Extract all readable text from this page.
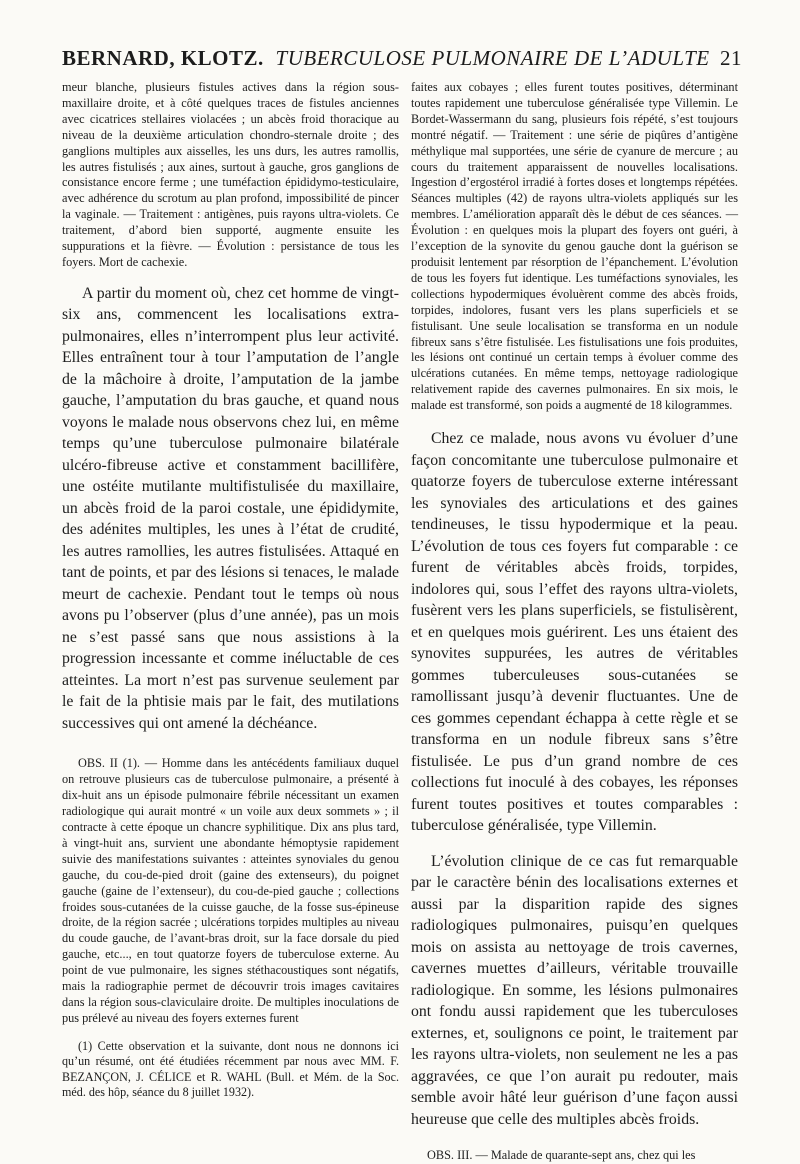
BERNARD, KLOTZ. TUBERCULOSE PULMONAIRE DE L’ADULTE 21

meur blanche, plusieurs fistules actives dans la région sous-maxillaire droite, et à côté quelques traces de fistules anciennes avec cicatrices stellaires violacées ; un abcès froid thoracique au niveau de la deuxième articulation chondro-sternale droite ; des ganglions multiples aux aisselles, les uns durs, les autres ramollis, les autres fistulisés ; aux aines, surtout à gauche, gros ganglions de consistance encore ferme ; une tuméfaction épididymo-testiculaire, avec adhérence du scrotum au plan profond, impossibilité de pincer la vaginale. — Traitement : antigènes, puis rayons ultra-violets. Ce traitement, d’abord bien supporté, augmente ensuite les suppurations et la fièvre. — Évolution : persistance de tous les foyers. Mort de cachexie.

A partir du moment où, chez cet homme de vingt-six ans, commencent les localisations extra-pulmonaires, elles n’interrompent plus leur activité. Elles entraînent tour à tour l’amputation de l’angle de la mâchoire à droite, l’amputation de la jambe gauche, l’amputation du bras gauche, et quand nous voyons le malade nous observons chez lui, en même temps qu’une tuberculose pulmonaire bilatérale ulcéro-fibreuse active et constamment bacillifère, une ostéite mutilante multifistulisée du maxillaire, un abcès froid de la paroi costale, une épididymite, des adénites multiples, les unes à l’état de crudité, les autres ramollies, les autres fistulisées. Attaqué en tant de points, et par des lésions si tenaces, le malade meurt de cachexie. Pendant tout le temps où nous avons pu l’observer (plus d’une année), pas un mois ne s’est passé sans que nous assistions à la progression incessante et comme inéluctable de ces atteintes. La mort n’est pas survenue seulement par le fait de la phtisie mais par le fait, des mutilations successives qui ont amené la déchéance.

OBS. II (1). — Homme dans les antécédents familiaux duquel on retrouve plusieurs cas de tuberculose pulmonaire, a présenté à dix-huit ans un épisode pulmonaire fébrile nécessitant un examen radiologique qui aurait montré « un voile aux deux sommets » ; il contracte à cette époque un chancre syphilitique. Dix ans plus tard, à vingt-huit ans, survient une abondante hémoptysie rapidement suivie des manifestations suivantes : atteintes synoviales du genou gauche, du cou-de-pied droit (gaine des extenseurs), du poignet gauche (gaine de l’extenseur), du cou-de-pied gauche ; collections froides sous-cutanées de la cuisse gauche, de la fosse sus-épineuse droite, de la région sacrée ; ulcérations torpides multiples au niveau du coude gauche, de l’avant-bras droit, sur la face dorsale du pied gauche, etc..., en tout quatorze foyers de tuberculose externe. Au point de vue pulmonaire, les signes stéthacoustiques sont négatifs, mais la radiographie permet de découvrir trois images cavitaires dans la région sous-claviculaire droite. De multiples inoculations de pus prélevé au niveau des foyers externes furent

(1) Cette observation et la suivante, dont nous ne donnons ici qu’un résumé, ont été étudiées récemment par nous avec MM. F. BEZANÇON, J. CÉLICE et R. WAHL (Bull. et Mém. de la Soc. méd. des hôp, séance du 8 juillet 1932).

faites aux cobayes ; elles furent toutes positives, déterminant toutes rapidement une tuberculose généralisée type Villemin. Le Bordet-Wassermann du sang, plusieurs fois répété, s’est toujours montré négatif. — Traitement : une série de piqûres d’antigène méthylique mal supportées, une série de cyanure de mercure ; au cours du traitement apparaissent de nouvelles localisations. Ingestion d’ergostérol irradié à fortes doses et longtemps répétées. Séances multiples (42) de rayons ultra-violets appliqués sur les membres. L’amélioration apparaît dès le début de ces séances. — Évolution : en quelques mois la plupart des foyers ont guéri, à l’exception de la synovite du genou gauche dont la guérison se produisit lentement par résorption de l’épanchement. L’évolution de tous les foyers fut identique. Les tuméfactions synoviales, les collections hypodermiques évoluèrent comme des abcès froids, torpides, indolores, fusant vers les plans superficiels et se fistulisant. Une seule localisation se transforma en un nodule fibreux sans s’être fistulisée. Les fistulisations une fois produites, les lésions ont continué un certain temps à évoluer comme des ulcérations cutanées. En même temps, nettoyage radiologique relativement rapide des cavernes pulmonaires. En six mois, le malade est transformé, son poids a augmenté de 18 kilogrammes.

Chez ce malade, nous avons vu évoluer d’une façon concomitante une tuberculose pulmonaire et quatorze foyers de tuberculose externe intéressant les synoviales des articulations et des gaines tendineuses, le tissu hypodermique et la peau. L’évolution de tous ces foyers fut comparable : ce furent de véritables abcès froids, torpides, indolores qui, sous l’effet des rayons ultra-violets, fusèrent vers les plans superficiels, se fistulisèrent, et en quelques mois guérirent. Les uns étaient des synovites suppurées, les autres de véritables gommes tuberculeuses sous-cutanées se ramollissant jusqu’à devenir fluctuantes. Une de ces gommes cependant échappa à cette règle et se transforma en un nodule fibreux sans s’être fistulisée. Le pus d’un grand nombre de ces collections fut inoculé à des cobayes, les réponses furent toutes positives et toutes comparables : tuberculose généralisée, type Villemin.

L’évolution clinique de ce cas fut remarquable par le caractère bénin des localisations externes et aussi par la disparition rapide des signes radiologiques pulmonaires, puisqu’en quelques mois on assista au nettoyage de trois cavernes, cavernes muettes d’ailleurs, véritable trouvaille radiologique. En somme, les lésions pulmonaires ont fondu aussi rapidement que les tuberculoses externes, et, soulignons ce point, le traitement par les rayons ultra-violets, non seulement ne les a pas aggravées, ce que l’on aurait pu redouter, mais semble avoir hâté leur guérison d’une façon aussi heureuse que celle des multiples abcès froids.

OBS. III. — Malade de quarante-sept ans, chez qui les
